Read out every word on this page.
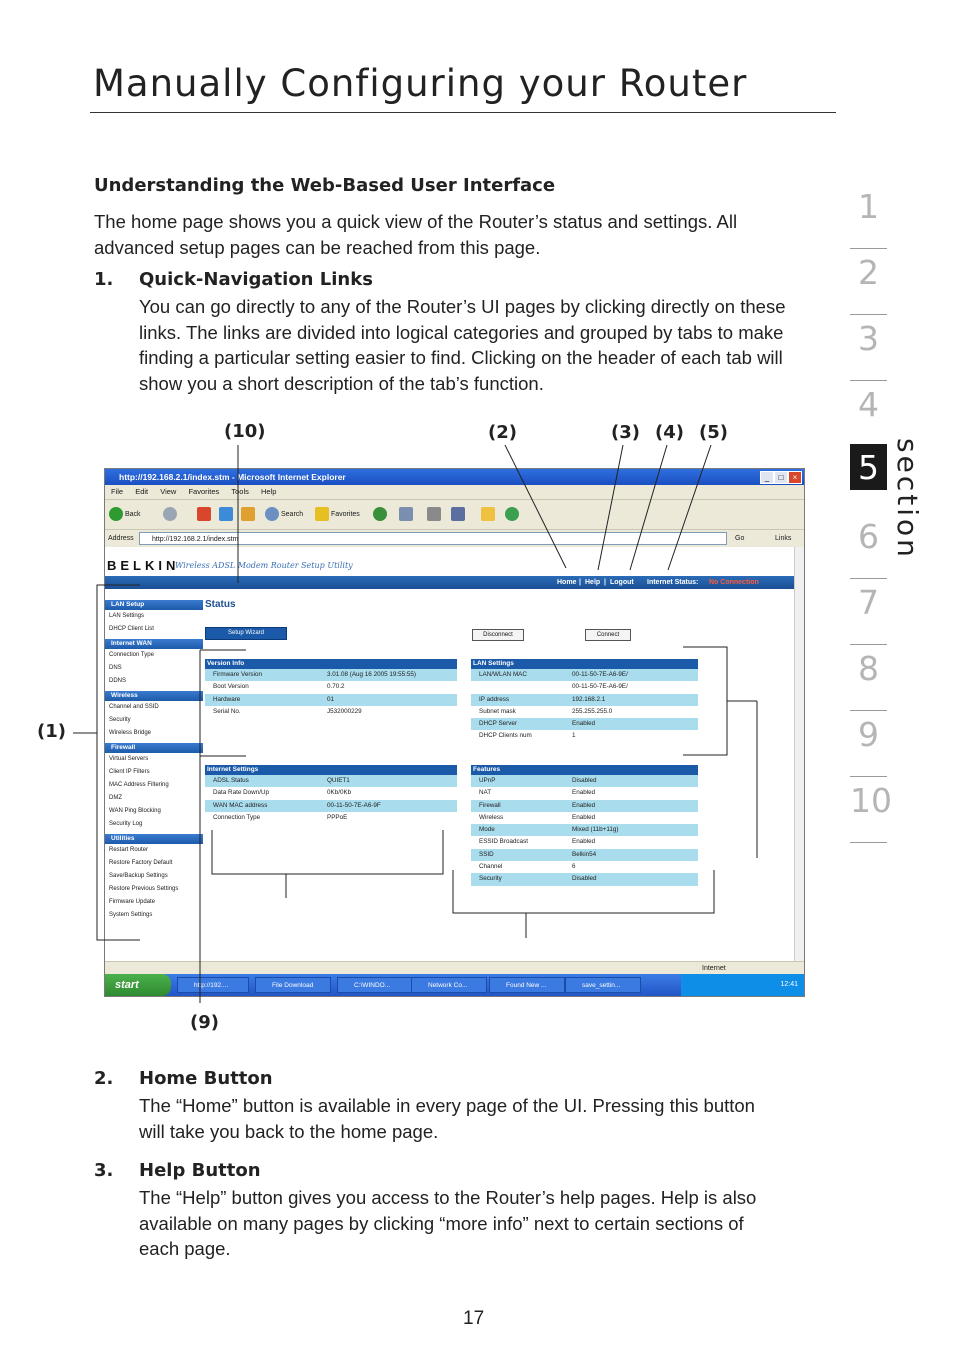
Manually Configuring your Router
1
2
3
4
5
6
7
8
9
10
section
Understanding the Web-Based User Interface
The home page shows you a quick view of the Router’s status and settings. All advanced setup pages can be reached from this page.
1. Quick-Navigation Links
You can go directly to any of the Router’s UI pages by clicking directly on these links. The links are divided into logical categories and grouped by tabs to make finding a particular setting easier to find. Clicking on the header of each tab will show you a short description of the tab’s function.
(10)	(2)	(3) (4) (5)
(1)
(9)
http://192.168.2.1/index.stm - Microsoft Internet Explorer	_	□	×
File Edit View Favorites Tools Help
Back	Search	Favorites
Address	http://192.168.2.1/index.stm	Go	Links
BELKIN
Wireless ADSL Modem Router Setup Utility
Home | Help | Logout Internet Status: No Connection
LAN Setup
LAN Settings
DHCP Client List
Internet WAN
Connection Type
DNS
DDNS
Wireless
Channel and SSID
Security
Wireless Bridge
Firewall
Virtual Servers
Client IP Filters
MAC Address Filtering
DMZ
WAN Ping Blocking
Security Log
Utilities
Restart Router
Restore Factory Default
Save/Backup Settings
Restore Previous Settings
Firmware Update
System Settings
Status
Setup Wizard	Disconnect	Connect
Version Info
Firmware Version	3.01.08 (Aug 16 2005 19:55:55)
Boot Version	0.70.2
Hardware	01
Serial No.	J532000229
LAN Settings
LAN/WLAN MAC	00-11-50-7E-A6-9E/
00-11-50-7E-A6-9E/
IP address	192.168.2.1
Subnet mask	255.255.255.0
DHCP Server	Enabled
DHCP Clients num	1
Internet Settings
ADSL Status	QUIET1
Data Rate Down/Up	0Kb/0Kb
WAN MAC address	00-11-50-7E-A6-9F
Connection Type	PPPoE
Features
UPnP	Disabled
NAT	Enabled
Firewall	Enabled
Wireless	Enabled
Mode	Mixed (11b+11g)
ESSID Broadcast	Enabled
SSID	Belkin54
Channel	6
Security	Disabled
Internet
start	http://192....	File Download	C:\WINDO...	Network Co...	Found New ...	save_settin...	12:41
2. Home Button
The “Home” button is available in every page of the UI. Pressing this button will take you back to the home page.
3. Help Button
The “Help” button gives you access to the Router’s help pages. Help is also available on many pages by clicking “more info” next to certain sections of each page.
17
